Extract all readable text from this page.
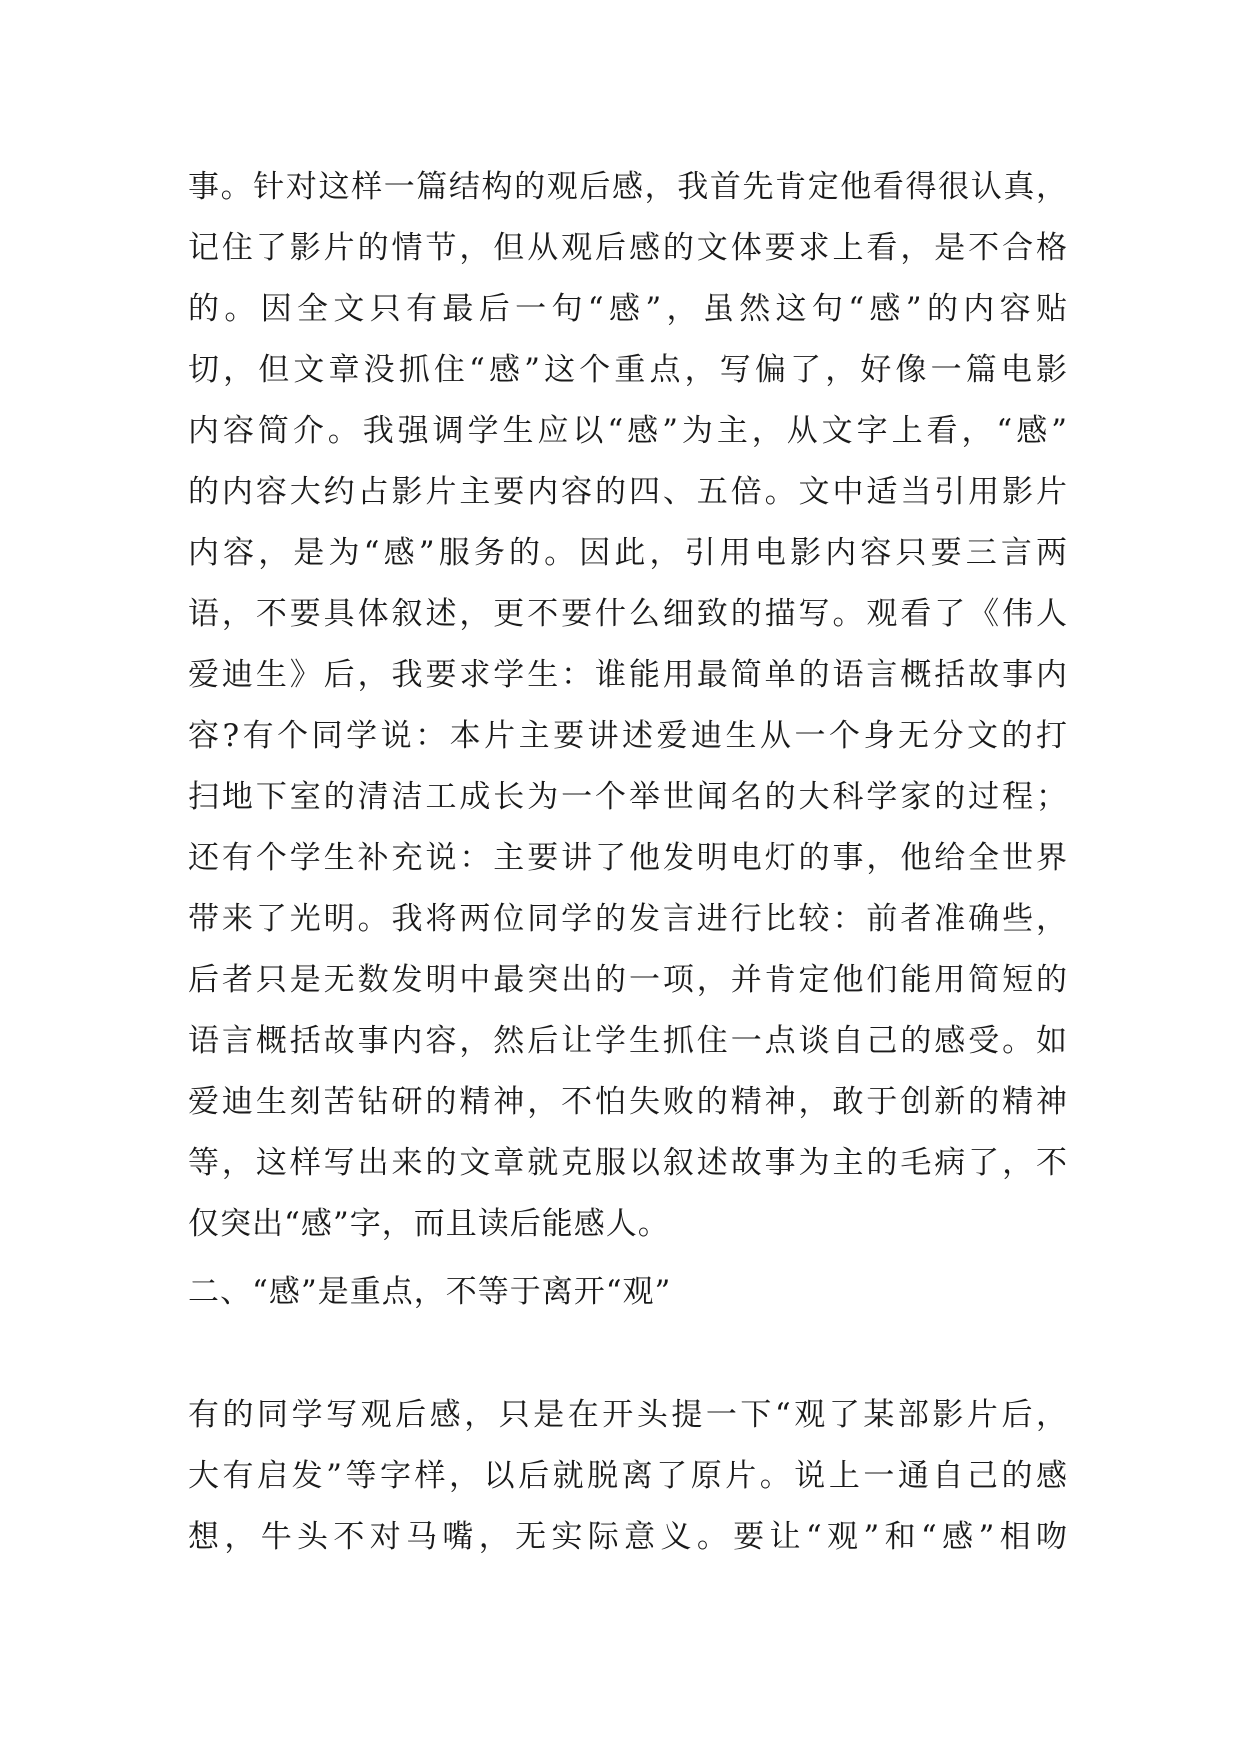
事。针对这样一篇结构的观后感，我首先肯定他看得很认真，
记住了影片的情节，但从观后感的文体要求上看，是不合格
的。因全文只有最后一句“感”，虽然这句“感”的内容贴
切，但文章没抓住“感”这个重点，写偏了，好像一篇电影
内容简介。我强调学生应以“感”为主，从文字上看，“感”
的内容大约占影片主要内容的四、五倍。文中适当引用影片
内容，是为“感”服务的。因此，引用电影内容只要三言两
语，不要具体叙述，更不要什么细致的描写。观看了《伟人
爱迪生》后，我要求学生：谁能用最简单的语言概括故事内
容?有个同学说：本片主要讲述爱迪生从一个身无分文的打
扫地下室的清洁工成长为一个举世闻名的大科学家的过程；
还有个学生补充说：主要讲了他发明电灯的事，他给全世界
带来了光明。我将两位同学的发言进行比较：前者准确些，
后者只是无数发明中最突出的一项，并肯定他们能用简短的
语言概括故事内容，然后让学生抓住一点谈自己的感受。如
爱迪生刻苦钻研的精神，不怕失败的精神，敢于创新的精神
等，这样写出来的文章就克服以叙述故事为主的毛病了，不
仅突出“感”字，而且读后能感人。
二、“感”是重点，不等于离开“观”
有的同学写观后感，只是在开头提一下“观了某部影片后，
大有启发”等字样，以后就脱离了原片。说上一通自己的感
想，牛头不对马嘴，无实际意义。要让“观”和“感”相吻
